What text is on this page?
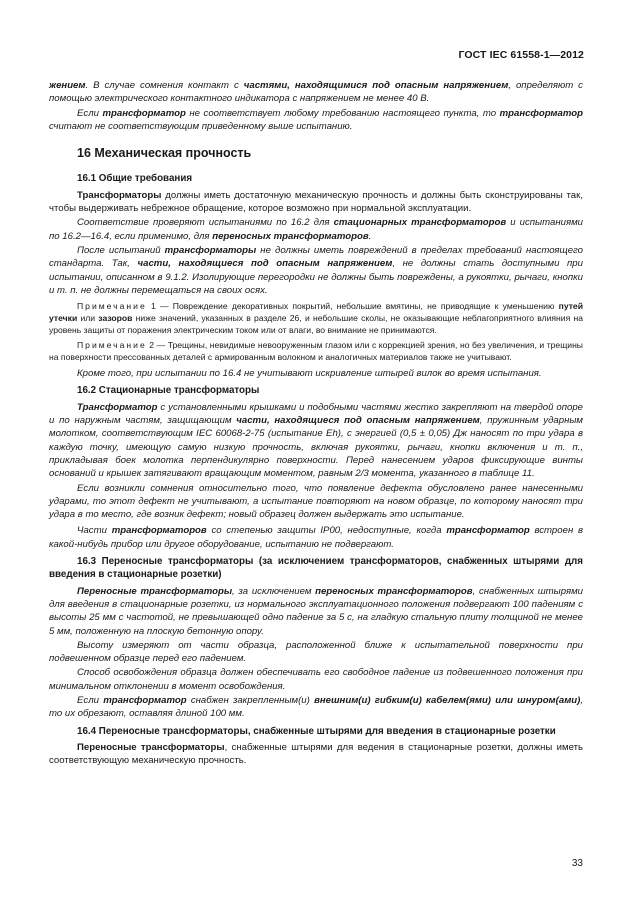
ГОСТ IEC 61558-1—2012

жением. В случае сомнения контакт с частями, находящимися под опасным напряжением, определяют с помощью электрического контактного индикатора с напряжением не менее 40 В.

Если трансформатор не соответствует любому требованию настоящего пункта, то трансформатор считают не соответствующим приведенному выше испытанию.

16 Механическая прочность
16.1 Общие требования

Трансформаторы должны иметь достаточную механическую прочность и должны быть сконструированы так, чтобы выдерживать небрежное обращение, которое возможно при нормальной эксплуатации.

Соответствие проверяют испытаниями по 16.2 для стационарных трансформаторов и испытаниями по 16.2—16.4, если применимо, для переносных трансформаторов.

После испытаний трансформаторы не должны иметь повреждений в пределах требований настоящего стандарта. Так, части, находящиеся под опасным напряжением, не должны стать доступными при испытании, описанном в 9.1.2. Изолирующие перегородки не должны быть повреждены, а рукоятки, рычаги, кнопки и т. п. не должны перемещаться на своих осях.

Примечание 1 — Повреждение декоративных покрытий, небольшие вмятины, не приводящие к уменьшению путей утечки или зазоров ниже значений, указанных в разделе 26, и небольшие сколы, не оказывающие неблагоприятного влияния на уровень защиты от поражения электрическим током или от влаги, во внимание не принимаются.

Примечание 2 — Трещины, невидимые невооруженным глазом или с коррекцией зрения, но без увеличения, и трещины на поверхности прессованных деталей с армированным волокном и аналогичных материалов также не учитывают.

Кроме того, при испытании по 16.4 не учитывают искривление штырей вилок во время испытания.

16.2 Стационарные трансформаторы

Трансформатор с установленными крышками и подобными частями жестко закрепляют на твердой опоре и по наружным частям, защищающим части, находящиеся под опасным напряжением, пружинным ударным молотком, соответствующим IEC 60068-2-75 (испытание Eh), с энергией (0,5 ± 0,05) Дж наносят по три удара в каждую точку, имеющую самую низкую прочность, включая рукоятки, рычаги, кнопки включения и т. п., прикладывая боек молотка перпендикулярно поверхности. Перед нанесением ударов фиксирующие винты оснований и крышек затягивают вращающим моментом, равным 2/3 момента, указанного в таблице 11.

Если возникли сомнения относительно того, что появление дефекта обусловлено ранее нанесенными ударами, то этот дефект не учитывают, а испытание повторяют на новом образце, по которому наносят три удара в то место, где возник дефект; новый образец должен выдержать это испытание.

Части трансформаторов со степенью защиты IP00, недоступные, когда трансформатор встроен в какой-нибудь прибор или другое оборудование, испытанию не подвергают.

16.3 Переносные трансформаторы (за исключением трансформаторов, снабженных штырями для введения в стационарные розетки)

Переносные трансформаторы, за исключением переносных трансформаторов, снабженных штырями для введения в стационарные розетки, из нормального эксплуатационного положения подвергают 100 падениям с высоты 25 мм с частотой, не превышающей одно падение за 5 с, на гладкую стальную плиту толщиной не менее 5 мм, положенную на плоскую бетонную опору.

Высоту измеряют от части образца, расположенной ближе к испытательной поверхности при подвешенном образце перед его падением.

Способ освобождения образца должен обеспечивать его свободное падение из подвешенного положения при минимальном отклонении в момент освобождения.

Если трансформатор снабжен закрепленным(и) внешним(и) гибким(и) кабелем(ями) или шнуром(ами), то их обрезают, оставляя длиной 100 мм.

16.4 Переносные трансформаторы, снабженные штырями для введения в стационарные розетки

Переносные трансформаторы, снабженные штырями для ведения в стационарные розетки, должны иметь соответствующую механическую прочность.

33
